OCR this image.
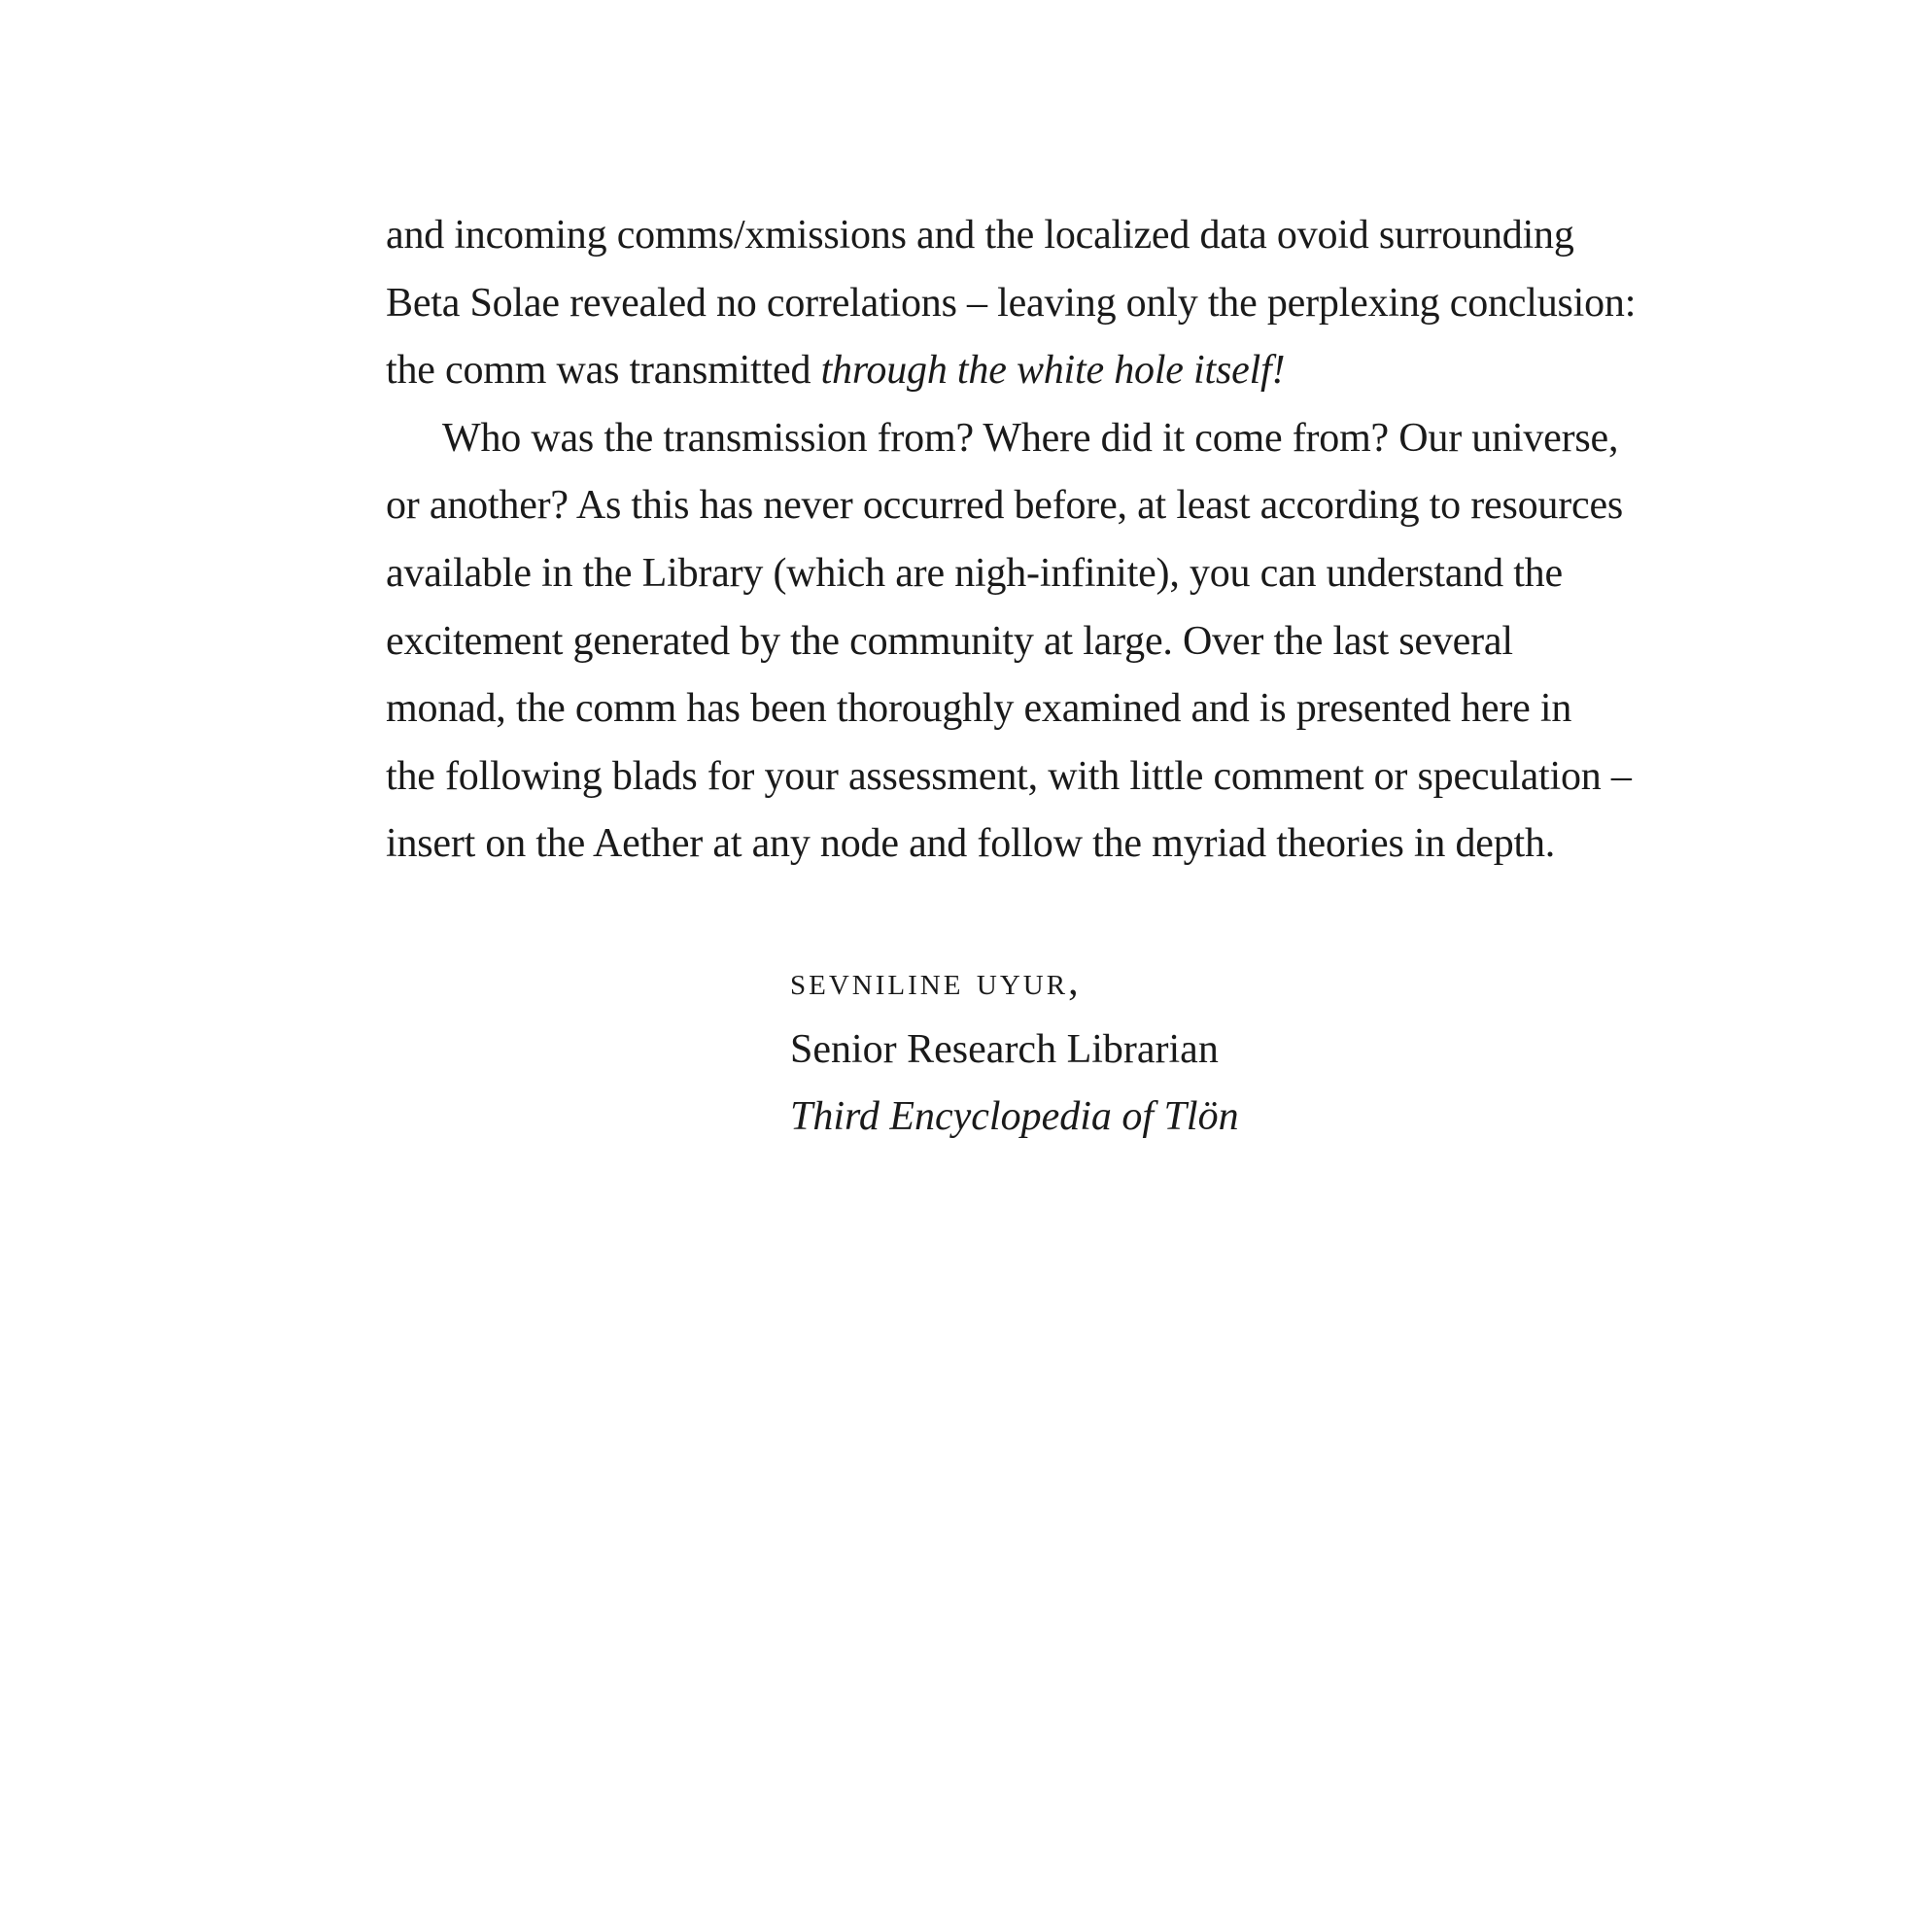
and incoming comms/xmissions and the localized data ovoid surrounding
Beta Solae revealed no correlations – leaving only the perplexing conclusion:
the comm was transmitted through the white hole itself!
Who was the transmission from? Where did it come from? Our universe,
or another? As this has never occurred before, at least according to resources
available in the Library (which are nigh-infinite), you can understand the
excitement generated by the community at large. Over the last several
monad, the comm has been thoroughly examined and is presented here in
the following blads for your assessment, with little comment or speculation –
insert on the Aether at any node and follow the myriad theories in depth.
sevniline uyur,
Senior Research Librarian
Third Encyclopedia of Tlön
